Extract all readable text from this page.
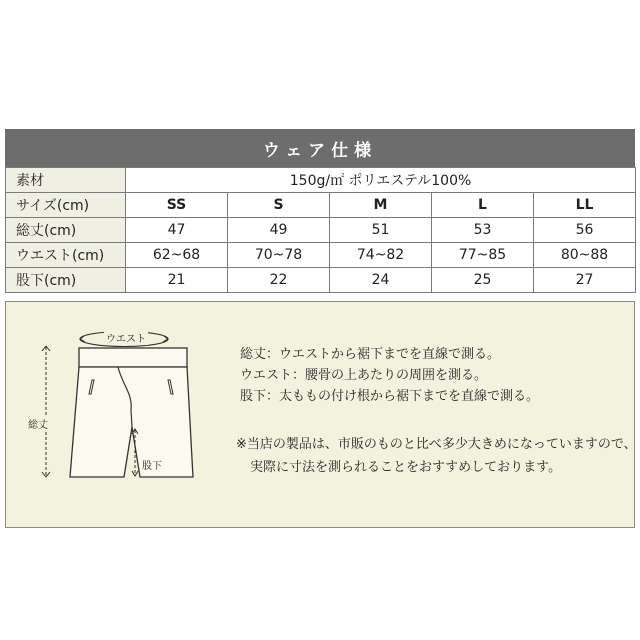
ウェア仕様
素材	150g/㎡ ポリエステル100%				
サイズ(cm)	SS	S	M	L	LL
総丈(cm)	47	49	51	53	56
ウエスト(cm)	62~68	70~78	74~82	77~85	80~88
股下(cm)	21	22	24	25	27
ウエスト
総丈
股下

総丈：ウエストから裾下までを直線で測る。

ウエスト：腰骨の上あたりの周囲を測る。

股下：太ももの付け根から裾下までを直線で測る。

※当店の製品は、市販のものと比べ多少大きめになっていますので、

実際に寸法を測られることをおすすめしております。
